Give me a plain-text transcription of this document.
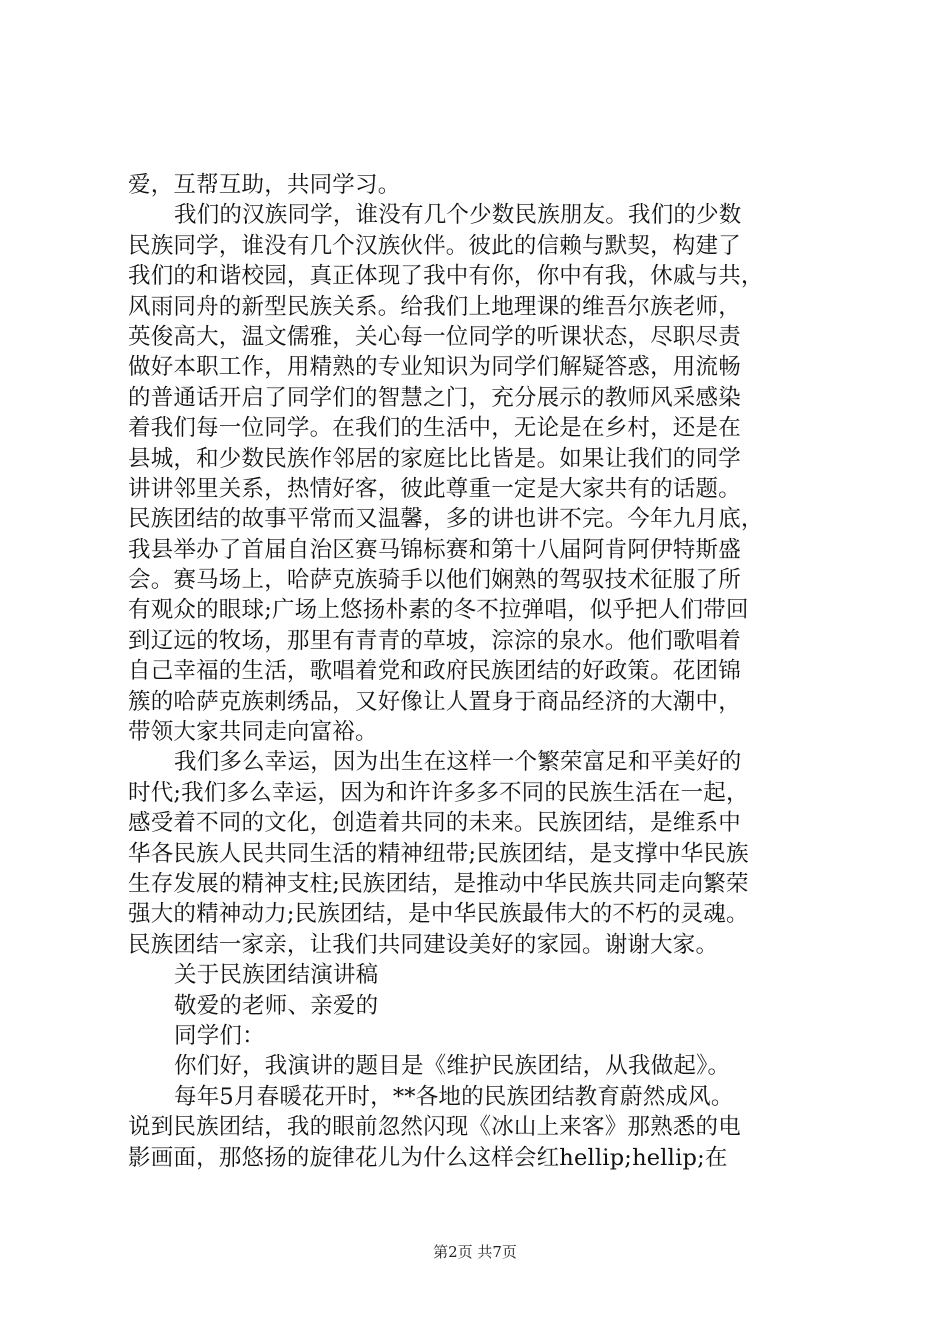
爱，互帮互助，共同学习。
我们的汉族同学，谁没有几个少数民族朋友。我们的少数
民族同学，谁没有几个汉族伙伴。彼此的信赖与默契，构建了
我们的和谐校园，真正体现了我中有你，你中有我，休戚与共，
风雨同舟的新型民族关系。给我们上地理课的维吾尔族老师，
英俊高大，温文儒雅，关心每一位同学的听课状态，尽职尽责
做好本职工作，用精熟的专业知识为同学们解疑答惑，用流畅
的普通话开启了同学们的智慧之门，充分展示的教师风采感染
着我们每一位同学。在我们的生活中，无论是在乡村，还是在
县城，和少数民族作邻居的家庭比比皆是。如果让我们的同学
讲讲邻里关系，热情好客，彼此尊重一定是大家共有的话题。
民族团结的故事平常而又温馨，多的讲也讲不完。今年九月底，
我县举办了首届自治区赛马锦标赛和第十八届阿肯阿伊特斯盛
会。赛马场上，哈萨克族骑手以他们娴熟的驾驭技术征服了所
有观众的眼球;广场上悠扬朴素的冬不拉弹唱，似乎把人们带回
到辽远的牧场，那里有青青的草坡，淙淙的泉水。他们歌唱着
自己幸福的生活，歌唱着党和政府民族团结的好政策。花团锦
簇的哈萨克族刺绣品，又好像让人置身于商品经济的大潮中，
带领大家共同走向富裕。
我们多么幸运，因为出生在这样一个繁荣富足和平美好的
时代;我们多么幸运，因为和许许多多不同的民族生活在一起，
感受着不同的文化，创造着共同的未来。民族团结，是维系中
华各民族人民共同生活的精神纽带;民族团结，是支撑中华民族
生存发展的精神支柱;民族团结，是推动中华民族共同走向繁荣
强大的精神动力;民族团结，是中华民族最伟大的不朽的灵魂。
民族团结一家亲，让我们共同建设美好的家园。谢谢大家。
关于民族团结演讲稿
敬爱的老师、亲爱的
同学们：
你们好，我演讲的题目是《维护民族团结，从我做起》。
每年5月春暖花开时，**各地的民族团结教育蔚然成风。
说到民族团结，我的眼前忽然闪现《冰山上来客》那熟悉的电
影画面，那悠扬的旋律花儿为什么这样会红hellip;hellip;在
第2页 共7页
